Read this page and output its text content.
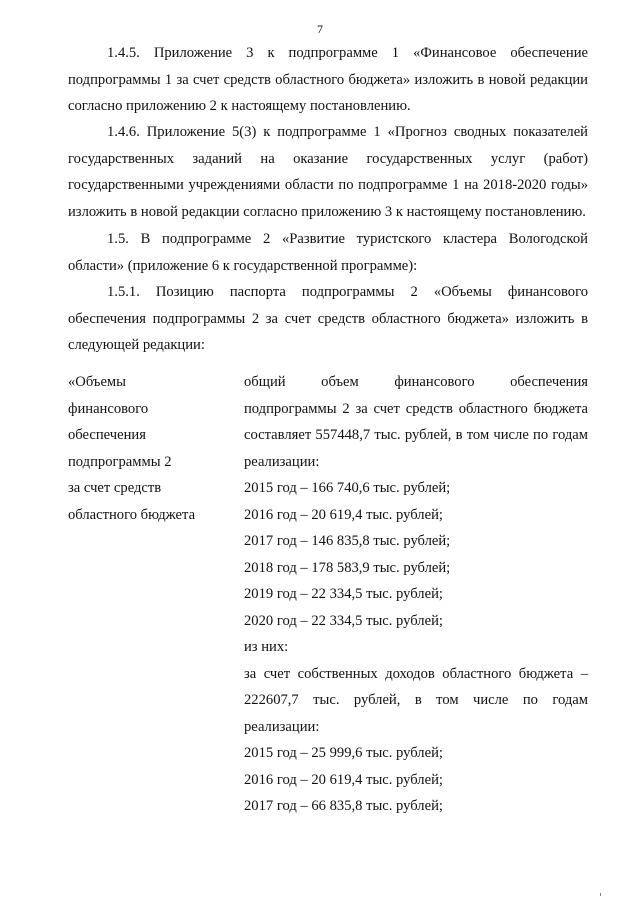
7

1.4.5. Приложение 3 к подпрограмме 1 «Финансовое обеспечение подпрограммы 1 за счет средств областного бюджета» изложить в новой редакции согласно приложению 2 к настоящему постановлению.

1.4.6. Приложение 5(3) к подпрограмме 1 «Прогноз сводных показателей государственных заданий на оказание государственных услуг (работ) государственными учреждениями области по подпрограмме 1 на 2018-2020 годы» изложить в новой редакции согласно приложению 3 к настоящему постановлению.

1.5. В подпрограмме 2 «Развитие туристского кластера Вологодской области» (приложение 6 к государственной программе):

1.5.1. Позицию паспорта подпрограммы 2 «Объемы финансового обеспечения подпрограммы 2 за счет средств областного бюджета» изложить в следующей редакции:

«Объемы
финансового
обеспечения
подпрограммы 2
за счет средств
областного бюджета
общий объем финансового обеспечения подпрограммы 2 за счет средств областного бюджета составляет 557448,7 тыс. рублей, в том числе по годам реализации:
2015 год – 166 740,6 тыс. рублей;
2016 год – 20 619,4 тыс. рублей;
2017 год – 146 835,8 тыс. рублей;
2018 год – 178 583,9 тыс. рублей;
2019 год – 22 334,5 тыс. рублей;
2020 год – 22 334,5 тыс. рублей;
из них:
за счет собственных доходов областного бюджета – 222607,7 тыс. рублей, в том числе по годам реализации:
2015 год – 25 999,6 тыс. рублей;
2016 год – 20 619,4 тыс. рублей;
2017 год – 66 835,8 тыс. рублей;
